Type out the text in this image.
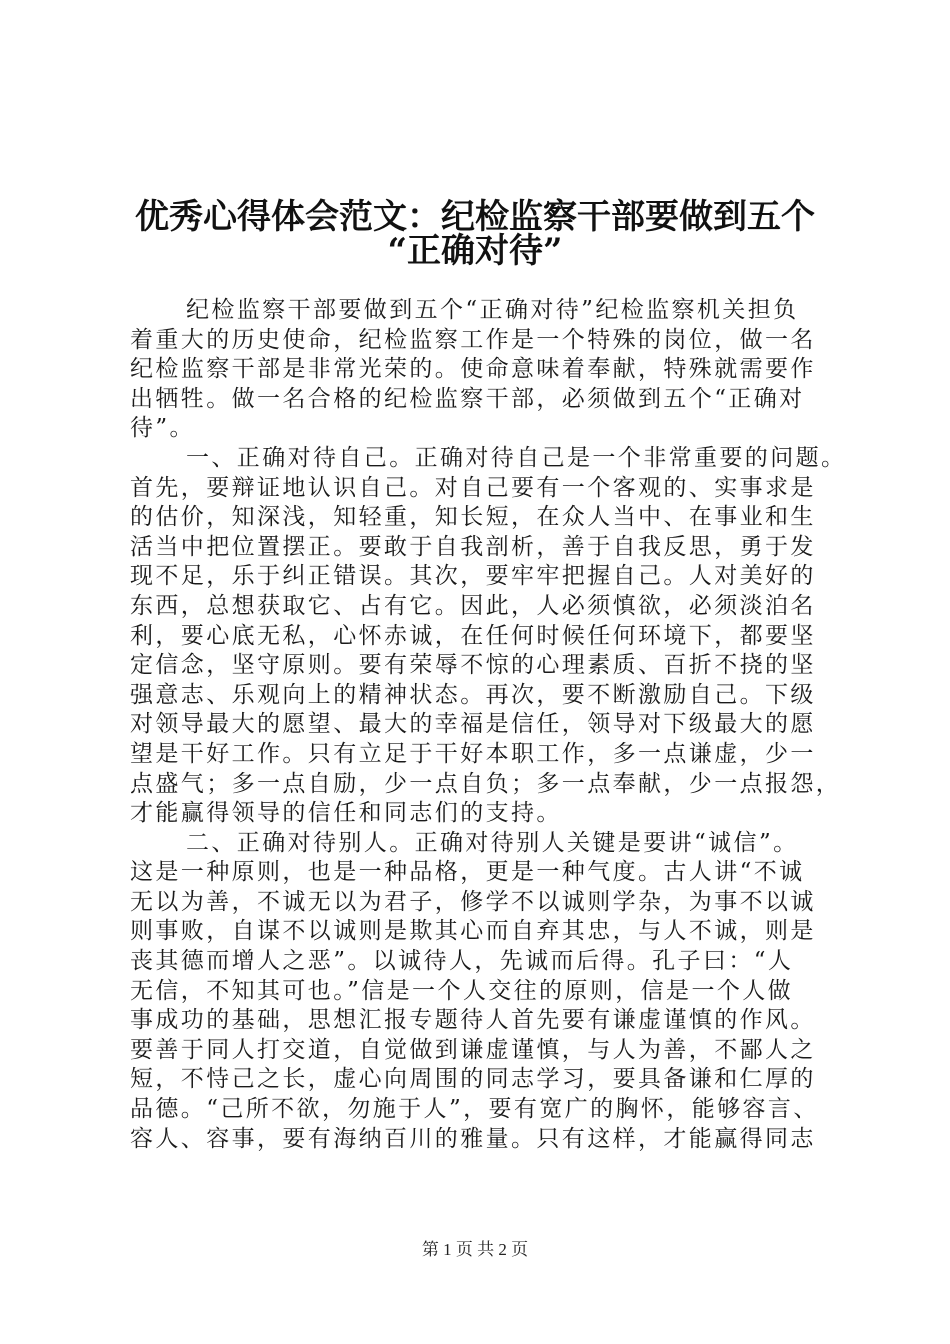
优秀心得体会范文：纪检监察干部要做到五个
“正确对待”
纪检监察干部要做到五个“正确对待”纪检监察机关担负
着重大的历史使命，纪检监察工作是一个特殊的岗位，做一名
纪检监察干部是非常光荣的。使命意味着奉献，特殊就需要作
出牺牲。做一名合格的纪检监察干部，必须做到五个“正确对
待”。
一、正确对待自己。正确对待自己是一个非常重要的问题。
首先，要辩证地认识自己。对自己要有一个客观的、实事求是
的估价，知深浅，知轻重，知长短，在众人当中、在事业和生
活当中把位置摆正。要敢于自我剖析，善于自我反思，勇于发
现不足，乐于纠正错误。其次，要牢牢把握自己。人对美好的
东西，总想获取它、占有它。因此，人必须慎欲，必须淡泊名
利，要心底无私，心怀赤诚，在任何时候任何环境下，都要坚
定信念，坚守原则。要有荣辱不惊的心理素质、百折不挠的坚
强意志、乐观向上的精神状态。再次，要不断激励自己。下级
对领导最大的愿望、最大的幸福是信任，领导对下级最大的愿
望是干好工作。只有立足于干好本职工作，多一点谦虚，少一
点盛气；多一点自励，少一点自负；多一点奉献，少一点报怨，
才能赢得领导的信任和同志们的支持。
二、正确对待别人。正确对待别人关键是要讲“诚信”。
这是一种原则，也是一种品格，更是一种气度。古人讲“不诚
无以为善，不诚无以为君子，修学不以诚则学杂，为事不以诚
则事败，自谋不以诚则是欺其心而自弃其忠，与人不诚，则是
丧其德而增人之恶”。以诚待人，先诚而后得。孔子曰：“人
无信，不知其可也。”信是一个人交往的原则，信是一个人做
事成功的基础，思想汇报专题待人首先要有谦虚谨慎的作风。
要善于同人打交道，自觉做到谦虚谨慎，与人为善，不鄙人之
短，不恃己之长，虚心向周围的同志学习，要具备谦和仁厚的
品德。“己所不欲，勿施于人”，要有宽广的胸怀，能够容言、
容人、容事，要有海纳百川的雅量。只有这样，才能赢得同志
第 1 页 共 2 页
